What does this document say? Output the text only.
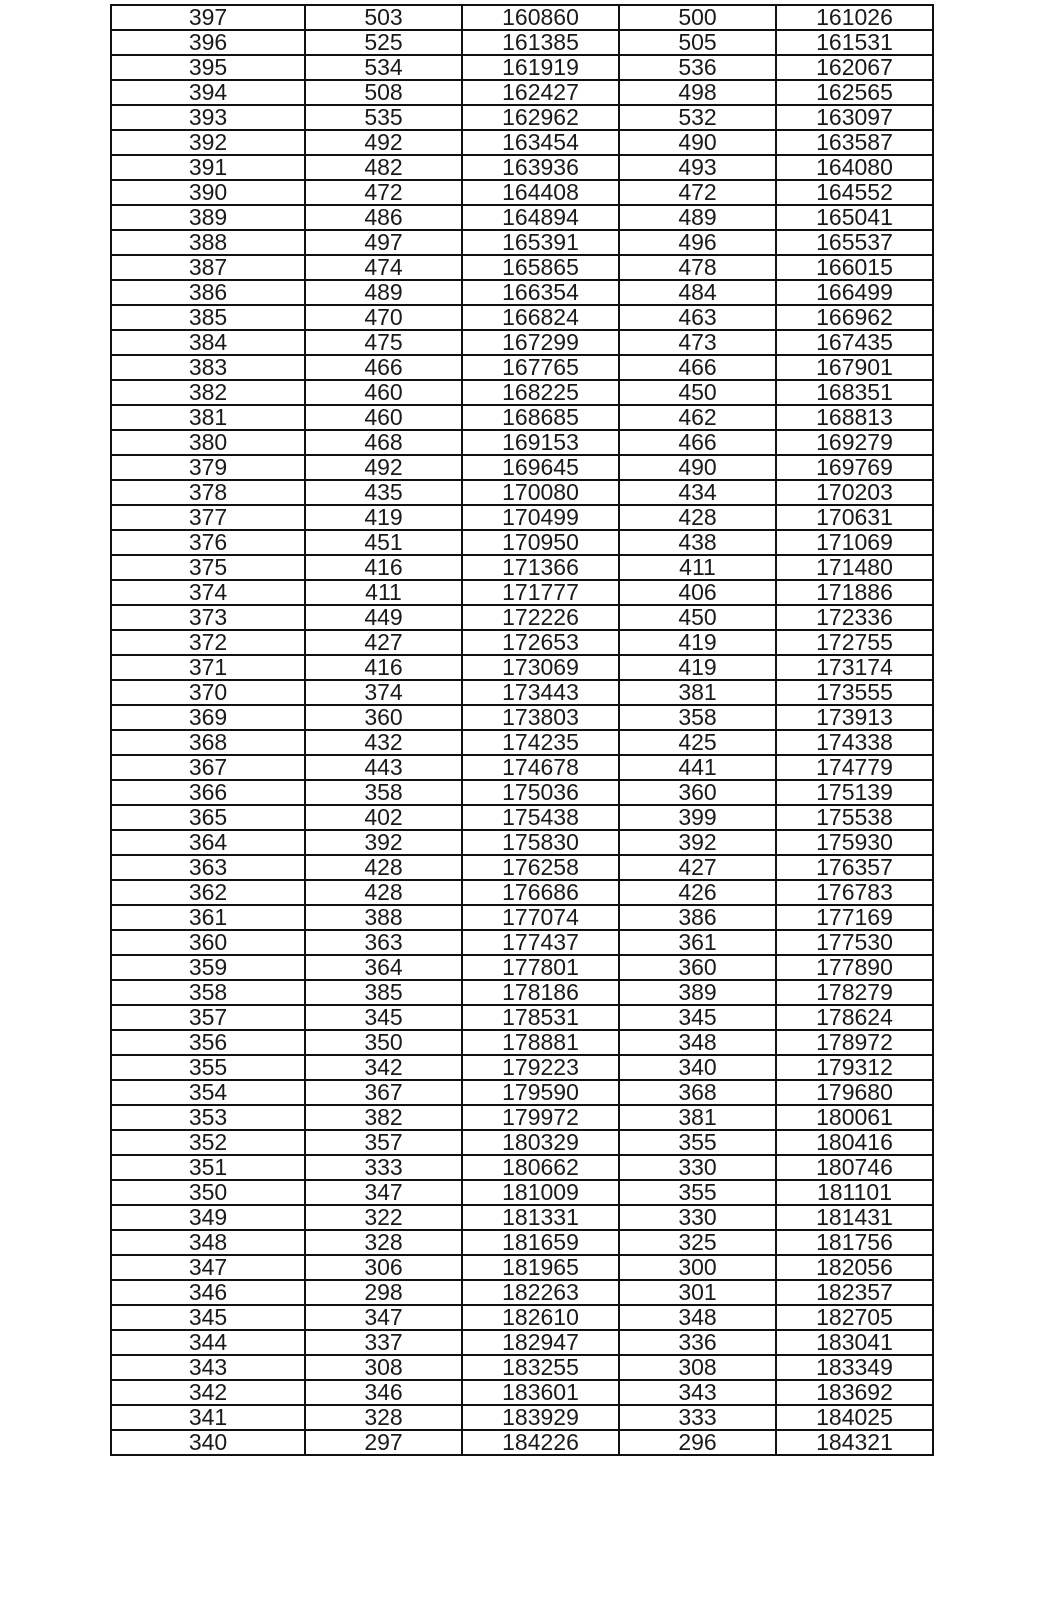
397	503	160860	500	161026
396	525	161385	505	161531
395	534	161919	536	162067
394	508	162427	498	162565
393	535	162962	532	163097
392	492	163454	490	163587
391	482	163936	493	164080
390	472	164408	472	164552
389	486	164894	489	165041
388	497	165391	496	165537
387	474	165865	478	166015
386	489	166354	484	166499
385	470	166824	463	166962
384	475	167299	473	167435
383	466	167765	466	167901
382	460	168225	450	168351
381	460	168685	462	168813
380	468	169153	466	169279
379	492	169645	490	169769
378	435	170080	434	170203
377	419	170499	428	170631
376	451	170950	438	171069
375	416	171366	411	171480
374	411	171777	406	171886
373	449	172226	450	172336
372	427	172653	419	172755
371	416	173069	419	173174
370	374	173443	381	173555
369	360	173803	358	173913
368	432	174235	425	174338
367	443	174678	441	174779
366	358	175036	360	175139
365	402	175438	399	175538
364	392	175830	392	175930
363	428	176258	427	176357
362	428	176686	426	176783
361	388	177074	386	177169
360	363	177437	361	177530
359	364	177801	360	177890
358	385	178186	389	178279
357	345	178531	345	178624
356	350	178881	348	178972
355	342	179223	340	179312
354	367	179590	368	179680
353	382	179972	381	180061
352	357	180329	355	180416
351	333	180662	330	180746
350	347	181009	355	181101
349	322	181331	330	181431
348	328	181659	325	181756
347	306	181965	300	182056
346	298	182263	301	182357
345	347	182610	348	182705
344	337	182947	336	183041
343	308	183255	308	183349
342	346	183601	343	183692
341	328	183929	333	184025
340	297	184226	296	184321
